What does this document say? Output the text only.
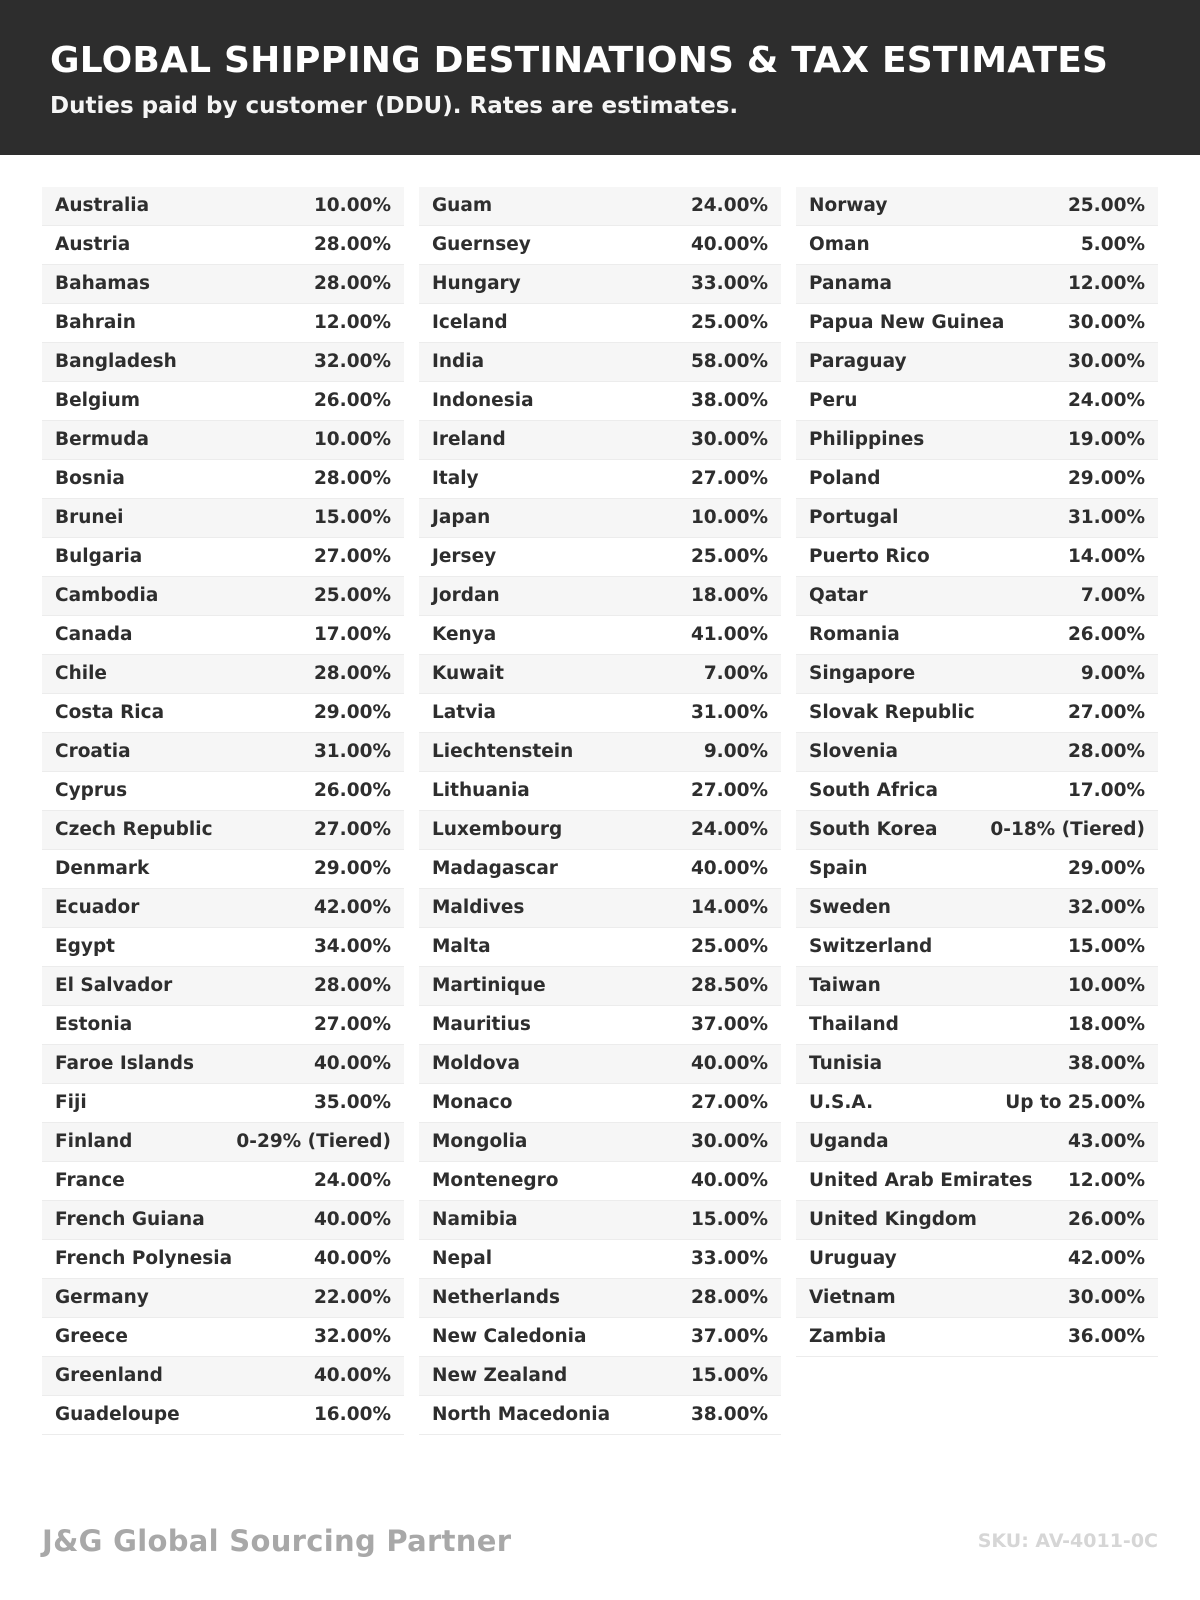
GLOBAL SHIPPING DESTINATIONS & TAX ESTIMATES
Duties paid by customer (DDU). Rates are estimates.
Australia	10.00%
Austria	28.00%
Bahamas	28.00%
Bahrain	12.00%
Bangladesh	32.00%
Belgium	26.00%
Bermuda	10.00%
Bosnia	28.00%
Brunei	15.00%
Bulgaria	27.00%
Cambodia	25.00%
Canada	17.00%
Chile	28.00%
Costa Rica	29.00%
Croatia	31.00%
Cyprus	26.00%
Czech Republic	27.00%
Denmark	29.00%
Ecuador	42.00%
Egypt	34.00%
El Salvador	28.00%
Estonia	27.00%
Faroe Islands	40.00%
Fiji	35.00%
Finland	0-29% (Tiered)
France	24.00%
French Guiana	40.00%
French Polynesia	40.00%
Germany	22.00%
Greece	32.00%
Greenland	40.00%
Guadeloupe	16.00%
Guam	24.00%
Guernsey	40.00%
Hungary	33.00%
Iceland	25.00%
India	58.00%
Indonesia	38.00%
Ireland	30.00%
Italy	27.00%
Japan	10.00%
Jersey	25.00%
Jordan	18.00%
Kenya	41.00%
Kuwait	7.00%
Latvia	31.00%
Liechtenstein	9.00%
Lithuania	27.00%
Luxembourg	24.00%
Madagascar	40.00%
Maldives	14.00%
Malta	25.00%
Martinique	28.50%
Mauritius	37.00%
Moldova	40.00%
Monaco	27.00%
Mongolia	30.00%
Montenegro	40.00%
Namibia	15.00%
Nepal	33.00%
Netherlands	28.00%
New Caledonia	37.00%
New Zealand	15.00%
North Macedonia	38.00%
Norway	25.00%
Oman	5.00%
Panama	12.00%
Papua New Guinea	30.00%
Paraguay	30.00%
Peru	24.00%
Philippines	19.00%
Poland	29.00%
Portugal	31.00%
Puerto Rico	14.00%
Qatar	7.00%
Romania	26.00%
Singapore	9.00%
Slovak Republic	27.00%
Slovenia	28.00%
South Africa	17.00%
South Korea	0-18% (Tiered)
Spain	29.00%
Sweden	32.00%
Switzerland	15.00%
Taiwan	10.00%
Thailand	18.00%
Tunisia	38.00%
U.S.A.	Up to 25.00%
Uganda	43.00%
United Arab Emirates 12.00%
United Kingdom	26.00%
Uruguay	42.00%
Vietnam	30.00%
Zambia	36.00%
J&G Global Sourcing Partner	SKU: AV-4011-0C
